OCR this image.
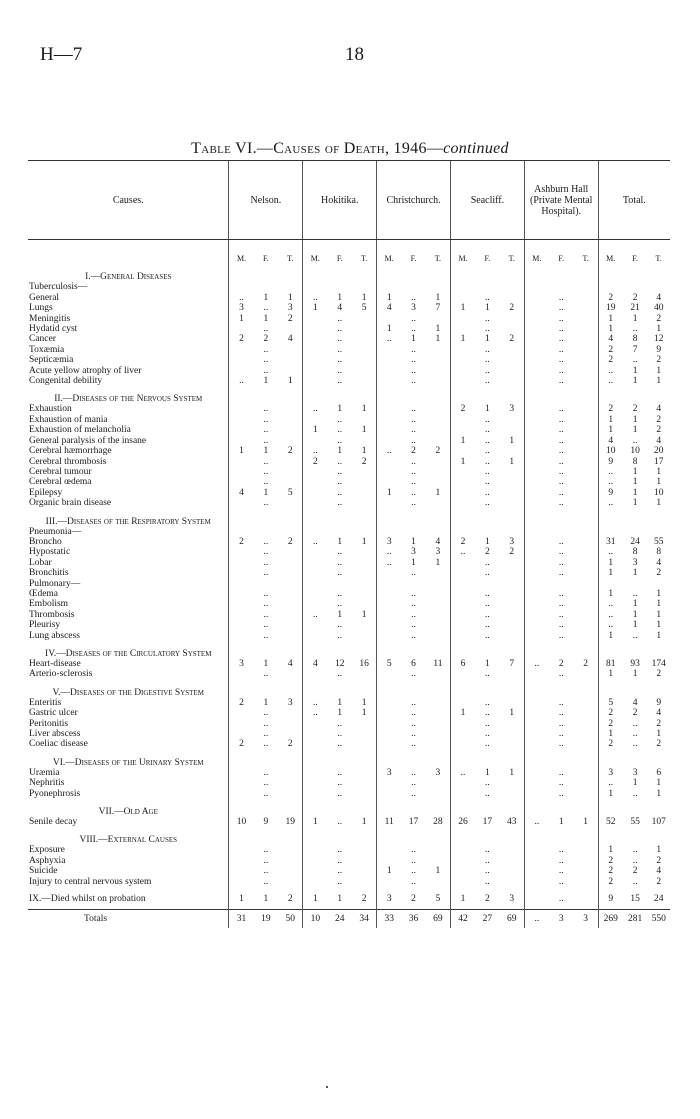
H—7	18
Table VI.—Causes of Death, 1946—continued
Causes.	Nelson.			Hokitika.			Christchurch.			Seacliff.			Ashburn Hall (Private Mental Hospital).			Total.		
	M.	F.	T.	M.	F.	T.	M.	F.	T.	M.	F.	T.	M.	F.	T.	M.	F.	T.
I.—General Diseases																		
Tuberculosis—																		
General	..	1	1	..	1	1	1	..	1		..			..		2	2	4
Lungs	3	..	3	1	4	5	4	3	7	1	1	2		..		19	21	40
Meningitis	1	1	2		..			..			..			..		1	1	2
Hydatid cyst		..			..		1	..	1		..			..		1	..	1
Cancer	2	2	4		..		..	1	1	1	1	2		..		4	8	12
Toxæmia		..			..			..			..			..		2	7	9
Septicæmia		..			..			..			..			..		2	..	2
Acute yellow atrophy of liver		..			..			..			..			..		..	1	1
Congenital debility	..	1	1		..			..			..			..		..	1	1
II.—Diseases of the Nervous System																		
Exhaustion		..		..	1	1		..		2	1	3		..		2	2	4
Exhaustion of mania		..			..			..			..			..		1	1	2
Exhaustion of melancholia		..		1	..	1		..			..			..		1	1	2
General paralysis of the insane		..			..			..		1	..	1		..		4	..	4
Cerebral hæmorrhage	1	1	2	..	1	1	..	2	2		..			..		10	10	20
Cerebral thrombosis		..		2	..	2		..		1	..	1		..		9	8	17
Cerebral tumour		..			..			..			..			..		..	1	1
Cerebral œdema		..			..			..			..			..		..	1	1
Epilepsy	4	1	5		..		1	..	1		..			..		9	1	10
Organic brain disease		..			..			..			..			..		..	1	1
III.—Diseases of the Respiratory System																		
Pneumonia—																		
Broncho	2	..	2	..	1	1	3	1	4	2	1	3		..		31	24	55
Hypostatic		..			..		..	3	3	..	2	2		..		..	8	8
Lobar		..			..		..	1	1		..			..		1	3	4
Bronchitis		..			..			..			..			..		1	1	2
Pulmonary—																		
Œdema		..			..			..			..			..		1	..	1
Embolism		..			..			..			..			..		..	1	1
Thrombosis		..		..	1	1		..			..			..		..	1	1
Pleurisy		..			..			..			..			..		..	1	1
Lung abscess		..			..			..			..			..		1	..	1
IV.—Diseases of the Circulatory System																		
Heart-disease	3	1	4	4	12	16	5	6	11	6	1	7	..	2	2	81	93	174
Arterio-sclerosis		..			..			..			..			..		1	1	2
V.—Diseases of the Digestive System																		
Enteritis	2	1	3	..	1	1		..			..			..		5	4	9
Gastric ulcer		..		..	1	1		..		1	..	1		..		2	2	4
Peritonitis		..			..			..			..			..		2	..	2
Liver abscess		..			..			..			..			..		1	..	1
Coeliac disease	2	..	2		..			..			..			..		2	..	2
VI.—Diseases of the Urinary System																		
Uræmia		..			..		3	..	3	..	1	1		..		3	3	6
Nephritis		..			..			..			..			..		..	1	1
Pyonephrosis		..			..			..			..			..		1	..	1
VII.—Old Age																		
Senile decay	10	9	19	1	..	1	11	17	28	26	17	43	..	1	1	52	55	107
VIII.—External Causes																		
Exposure		..			..			..			..			..		1	..	1
Asphyxia		..			..			..			..			..		2	..	2
Suicide		..			..		1	..	1		..			..		2	2	4
Injury to central nervous system		..			..			..			..			..		2	..	2
IX.—Died whilst on probation	1	1	2	1	1	2	3	2	5	1	2	3		..		9	15	24
Totals	31	19	50	10	24	34	33	36	69	42	27	69	..	3	3	269	281	550
